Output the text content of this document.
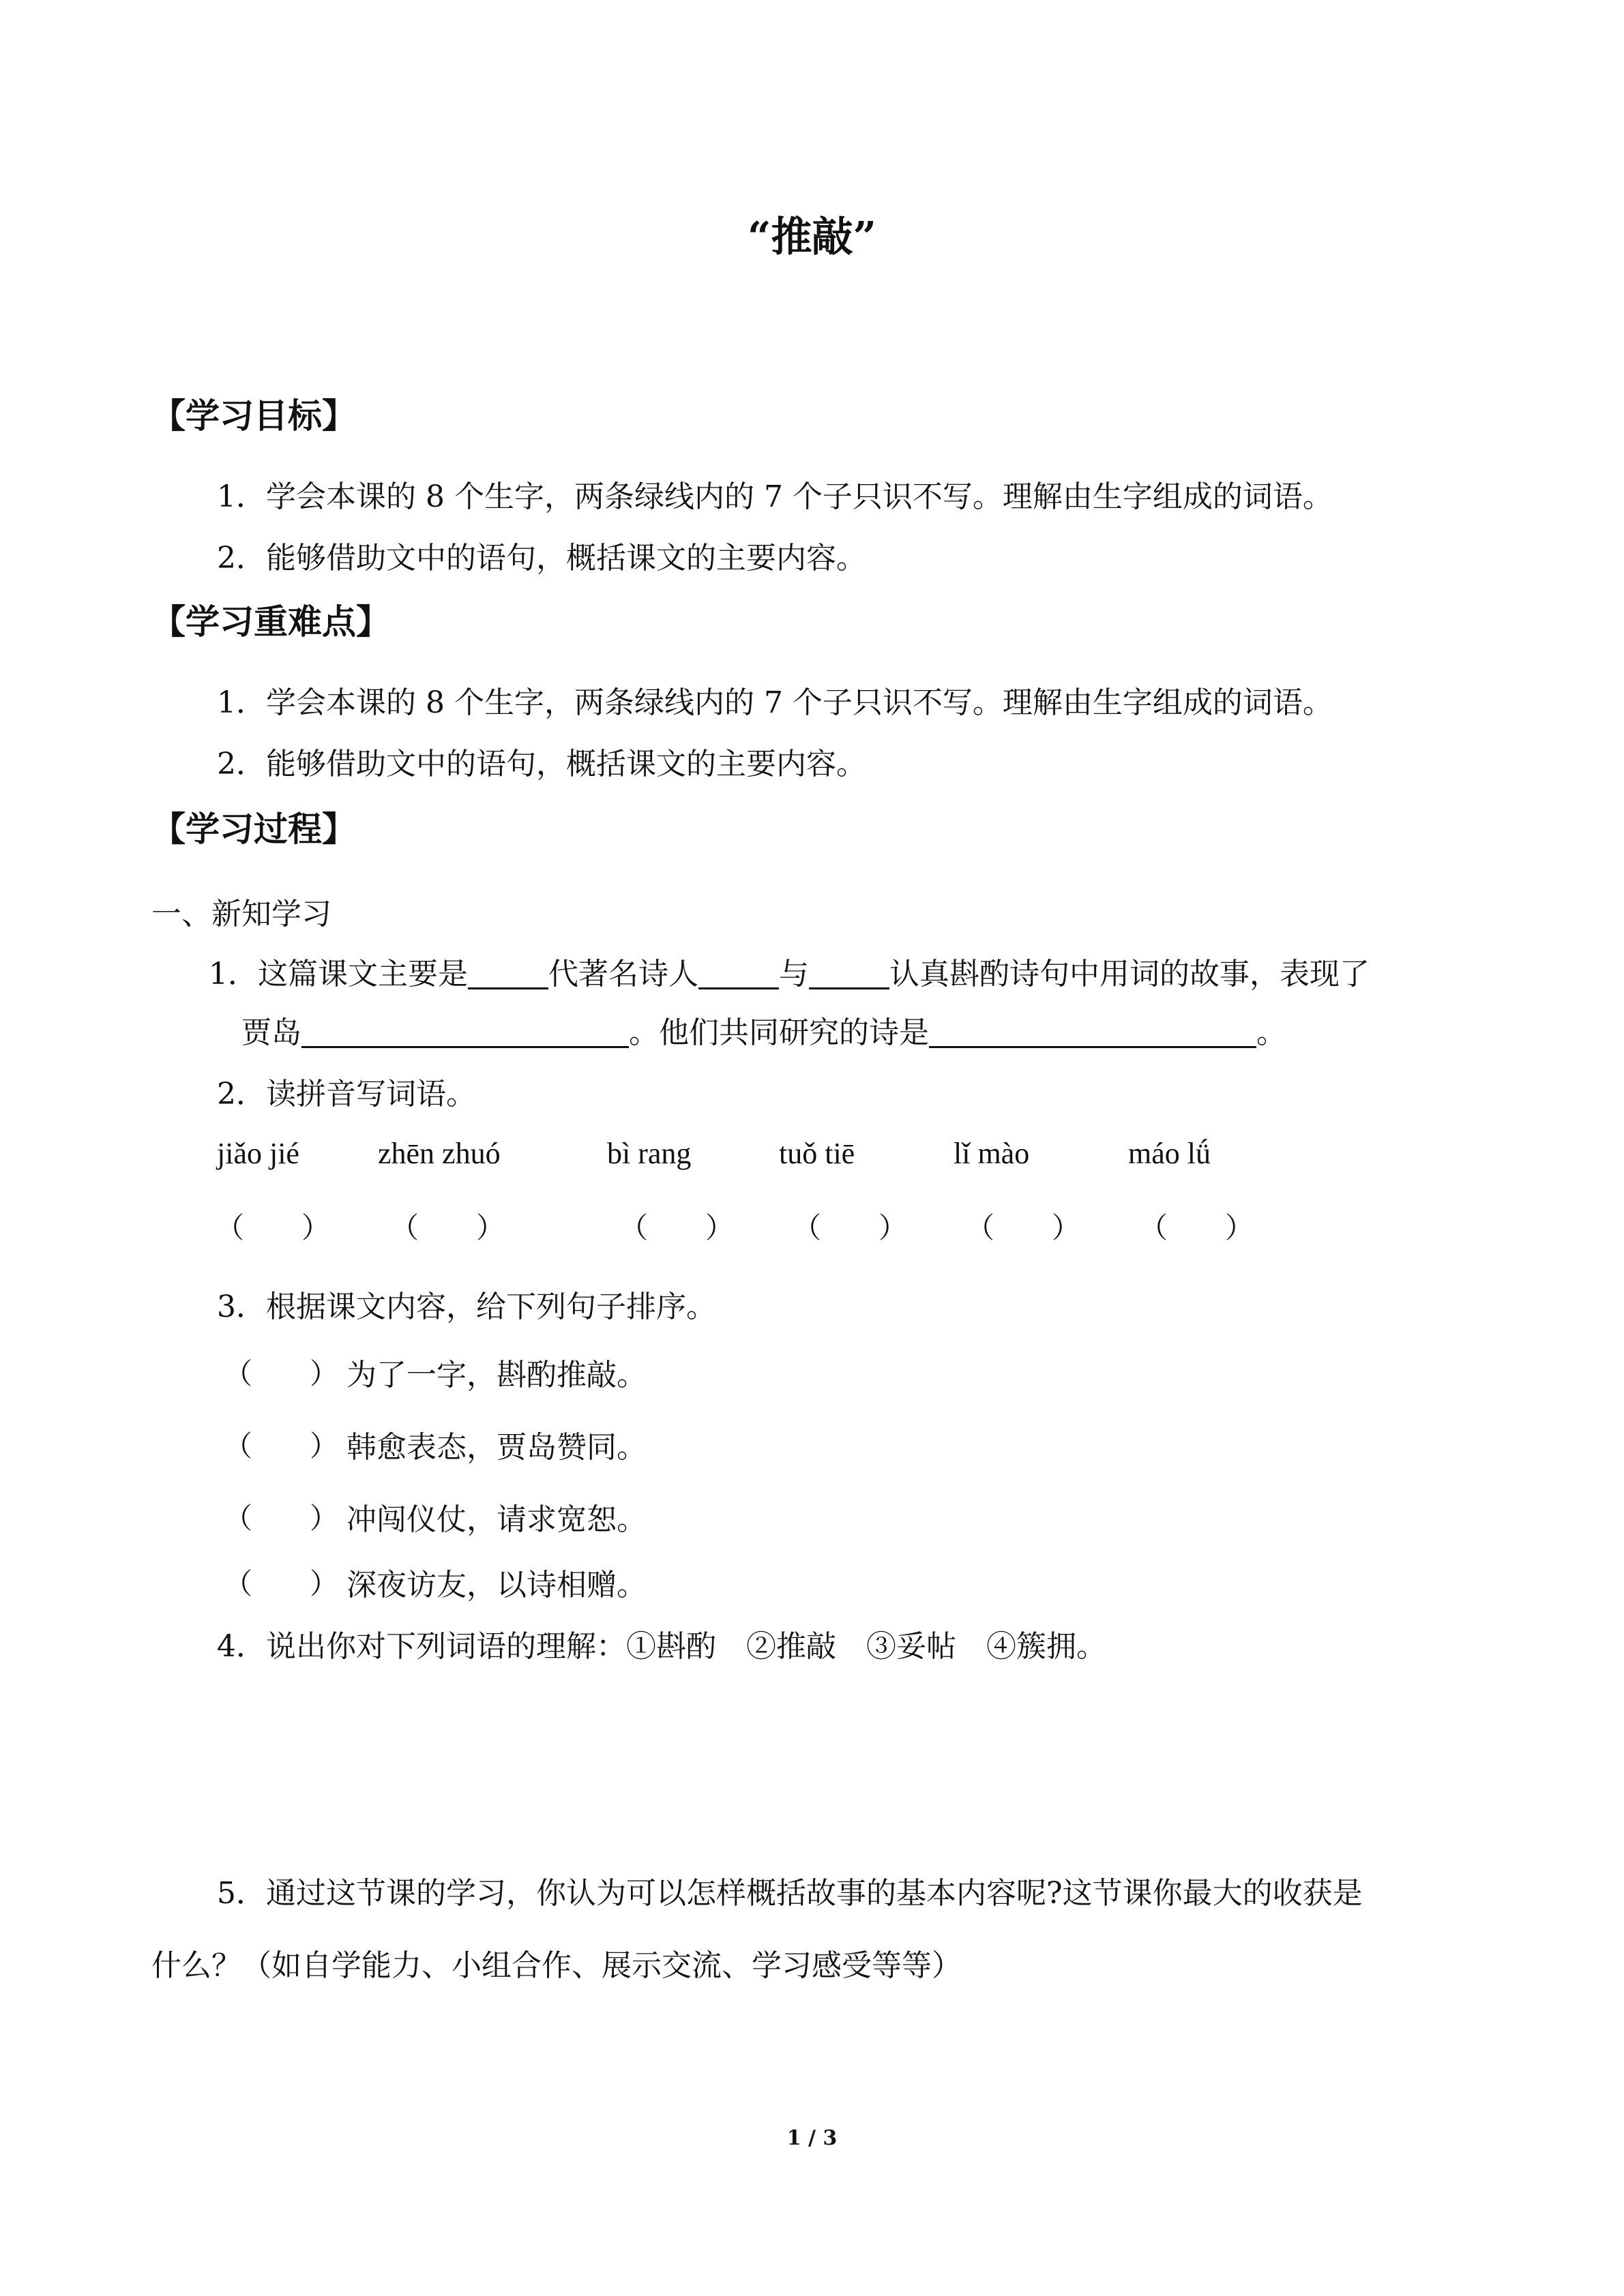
“推敲”
【学习目标】
1．学会本课的 8 个生字，两条绿线内的 7 个子只识不写。理解由生字组成的词语。
2．能够借助文中的语句，概括课文的主要内容。
【学习重难点】
1．学会本课的 8 个生字，两条绿线内的 7 个子只识不写。理解由生字组成的词语。
2．能够借助文中的语句，概括课文的主要内容。
【学习过程】
一、新知学习
1．这篇课文主要是	代著名诗人	与	认真斟酌诗句中用词的故事，表现了
贾岛	。他们共同研究的诗是	。
2．读拼音写词语。
jiǎo jié	zhēn zhuó	bì rang	tuǒ tiē	lǐ mào	máo lǘ
（　　） （　　）	（　　） （　　） （　　） （　　）
3．根据课文内容，给下列句子排序。
（　　） 为了一字，斟酌推敲。
（　　） 韩愈表态，贾岛赞同。
（　　） 冲闯仪仗，请求宽恕。
（　　） 深夜访友，以诗相赠。
4．说出你对下列词语的理解：①斟酌　②推敲　③妥帖　④簇拥。
5．通过这节课的学习，你认为可以怎样概括故事的基本内容呢?这节课你最大的收获是
什么？（如自学能力、小组合作、展示交流、学习感受等等）
1 / 3
